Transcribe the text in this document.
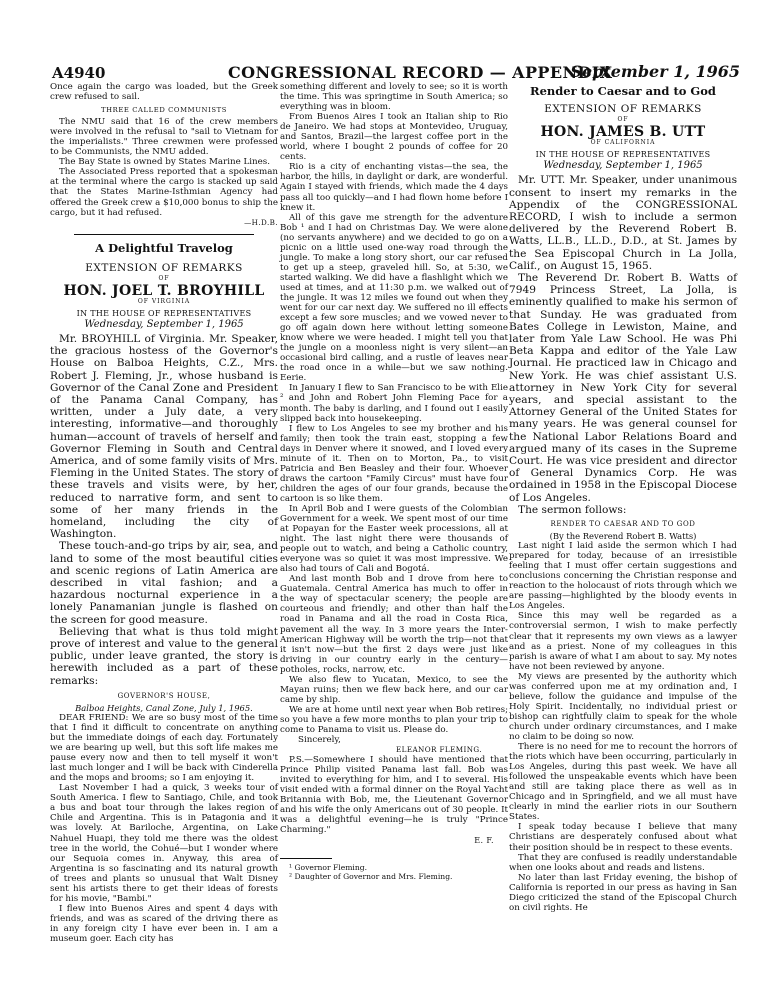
A4940	CONGRESSIONAL RECORD — APPENDIX
September 1, 1965

Once again the cargo was loaded, but the Greek crew refused to sail.

THREE CALLED COMMUNISTS

The NMU said that 16 of the crew members were involved in the refusal to "sail to Vietnam for the imperialists." Three crewmen were professed to be Communists, the NMU added.

The Bay State is owned by States Marine Lines.

The Associated Press reported that a spokesman at the terminal where the cargo is stacked up said that the States Marine-Isthmian Agency had offered the Greek crew a $10,000 bonus to ship the cargo, but it had refused.

—H.D.B.

A Delightful Travelog
EXTENSION OF REMARKS
OF
HON. JOEL T. BROYHILL
OF VIRGINIA
IN THE HOUSE OF REPRESENTATIVES
Wednesday, September 1, 1965

Mr. BROYHILL of Virginia. Mr. Speaker, the gracious hostess of the Governor's House on Balboa Heights, C.Z., Mrs. Robert J. Fleming, Jr., whose husband is Governor of the Canal Zone and President of the Panama Canal Company, has written, under a July date, a very interesting, informative—and thoroughly human—account of travels of herself and Governor Fleming in South and Central America, and of some family visits of Mrs. Fleming in the United States. The story of these travels and visits were, by her, reduced to narrative form, and sent to some of her many friends in the homeland, including the city of Washington.

These touch-and-go trips by air, sea, and land to some of the most beautiful cities and scenic regions of Latin America are described in vital fashion; and a hazardous nocturnal experience in a lonely Panamanian jungle is flashed on the screen for good measure.

Believing that what is thus told might prove of interest and value to the general public, under leave granted, the story is herewith included as a part of these remarks:

GOVERNOR'S HOUSE,

Balboa Heights, Canal Zone, July 1, 1965.

DEAR FRIEND: We are so busy most of the time that I find it difficult to concentrate on anything but the immediate doings of each day. Fortunately we are bearing up well, but this soft life makes me pause every now and then to tell myself it won't last much longer and I will be back with Cinderella and the mops and brooms; so I am enjoying it.

Last November I had a quick, 3 weeks tour of South America. I flew to Santiago, Chile, and took a bus and boat tour through the lakes region of Chile and Argentina. This is in Patagonia and it was lovely. At Bariloche, Argentina, on Lake Nahuel Huapi, they told me there was the oldest tree in the world, the Cohué—but I wonder where our Sequoia comes in. Anyway, this area of Argentina is so fascinating and its natural growth of trees and plants so unusual that Walt Disney sent his artists there to get their ideas of forests for his movie, "Bambi."

I flew into Buenos Aires and spent 4 days with friends, and was as scared of the driving there as in any foreign city I have ever been in. I am a museum goer. Each city has

something different and lovely to see; so it is worth the time. This was springtime in South America; so everything was in bloom.

From Buenos Aires I took an Italian ship to Rio de Janeiro. We had stops at Montevideo, Uruguay, and Santos, Brazil—the largest coffee port in the world, where I bought 2 pounds of coffee for 20 cents.

Rio is a city of enchanting vistas—the sea, the harbor, the hills, in daylight or dark, are wonderful. Again I stayed with friends, which made the 4 days pass all too quickly—and I had flown home before I knew it.

All of this gave me strength for the adventure Bob ¹ and I had on Christmas Day. We were alone (no servants anywhere) and we decided to go on a picnic on a little used one-way road through the jungle. To make a long story short, our car refused to get up a steep, graveled hill. So, at 5:30, we started walking. We did have a flashlight which we used at times, and at 11:30 p.m. we walked out of the jungle. It was 12 miles we found out when they went for our car next day. We suffered no ill effects except a few sore muscles; and we vowed never to go off again down here without letting someone know where we were headed. I might tell you that the jungle on a moonless night is very silent—an occasional bird calling, and a rustle of leaves near the road once in a while—but we saw nothing. Eerie.

In January I flew to San Francisco to be with Elie ² and John and Robert John Fleming Pace for a month. The baby is darling, and I found out I easily slipped back into housekeeping.

I flew to Los Angeles to see my brother and his family; then took the train east, stopping a few days in Denver where it snowed, and I loved every minute of it. Then on to Morton, Pa., to visit Patricia and Ben Beasley and their four. Whoever draws the cartoon "Family Circus" must have four children the ages of our four grands, because the cartoon is so like them.

In April Bob and I were guests of the Colombian Government for a week. We spent most of our time at Popayan for the Easter week processions, all at night. The last night there were thousands of people out to watch, and being a Catholic country, everyone was so quiet it was most impressive. We also had tours of Cali and Bogotá.

And last month Bob and I drove from here to Guatemala. Central America has much to offer in the way of spectacular scenery; the people are courteous and friendly; and other than half the road in Panama and all the road in Costa Rica, pavement all the way. In 3 more years the Inter-American Highway will be worth the trip—not that it isn't now—but the first 2 days were just like driving in our country early in the century—potholes, rocks, narrow, etc.

We also flew to Yucatan, Mexico, to see the Mayan ruins; then we flew back here, and our car came by ship.

We are at home until next year when Bob retires; so you have a few more months to plan your trip to come to Panama to visit us. Please do.

Sincerely,

ELEANOR FLEMING.

P.S.—Somewhere I should have mentioned that Prince Philip visited Panama last fall. Bob was invited to everything for him, and I to several. His visit ended with a formal dinner on the Royal Yacht Britannia with Bob, me, the Lieutenant Governor and his wife the only Americans out of 30 people. It was a delightful evening—he is truly "Prince Charming."

E. F.

¹ Governor Fleming.

² Daughter of Governor and Mrs. Fleming.

Render to Caesar and to God
EXTENSION OF REMARKS
OF
HON. JAMES B. UTT
OF CALIFORNIA
IN THE HOUSE OF REPRESENTATIVES
Wednesday, September 1, 1965

Mr. UTT. Mr. Speaker, under unanimous consent to insert my remarks in the Appendix of the CONGRESSIONAL RECORD, I wish to include a sermon delivered by the Reverend Robert B. Watts, LL.B., LL.D., D.D., at St. James by the Sea Episcopal Church in La Jolla, Calif., on August 15, 1965.

The Reverend Dr. Robert B. Watts of 7949 Princess Street, La Jolla, is eminently qualified to make his sermon of that Sunday. He was graduated from Bates College in Lewiston, Maine, and later from Yale Law School. He was Phi Beta Kappa and editor of the Yale Law Journal. He practiced law in Chicago and New York. He was chief assistant U.S. attorney in New York City for several years, and special assistant to the Attorney General of the United States for many years. He was general counsel for the National Labor Relations Board and argued many of its cases in the Supreme Court. He was vice president and director of General Dynamics Corp. He was ordained in 1958 in the Episcopal Diocese of Los Angeles.

The sermon follows:

RENDER TO CAESAR AND TO GOD

(By the Reverend Robert B. Watts)

Last night I laid aside the sermon which I had prepared for today, because of an irresistible feeling that I must offer certain suggestions and conclusions concerning the Christian response and reaction to the holocaust of riots through which we are passing—highlighted by the bloody events in Los Angeles.

Since this may well be regarded as a controversial sermon, I wish to make perfectly clear that it represents my own views as a lawyer and as a priest. None of my colleagues in this parish is aware of what I am about to say. My notes have not been reviewed by anyone.

My views are presented by the authority which was conferred upon me at my ordination and, I believe, follow the guidance and impulse of the Holy Spirit. Incidentally, no individual priest or bishop can rightfully claim to speak for the whole church under ordinary circumstances, and I make no claim to be doing so now.

There is no need for me to recount the horrors of the riots which have been occurring, particularly in Los Angeles, during this past week. We have all followed the unspeakable events which have been and still are taking place there as well as in Chicago and in Springfield, and we all must have clearly in mind the earlier riots in our Southern States.

I speak today because I believe that many Christians are desperately confused about what their position should be in respect to these events.

That they are confused is readily understandable when one looks about and reads and listens.

No later than last Friday evening, the bishop of California is reported in our press as having in San Diego criticized the stand of the Episcopal Church on civil rights. He
